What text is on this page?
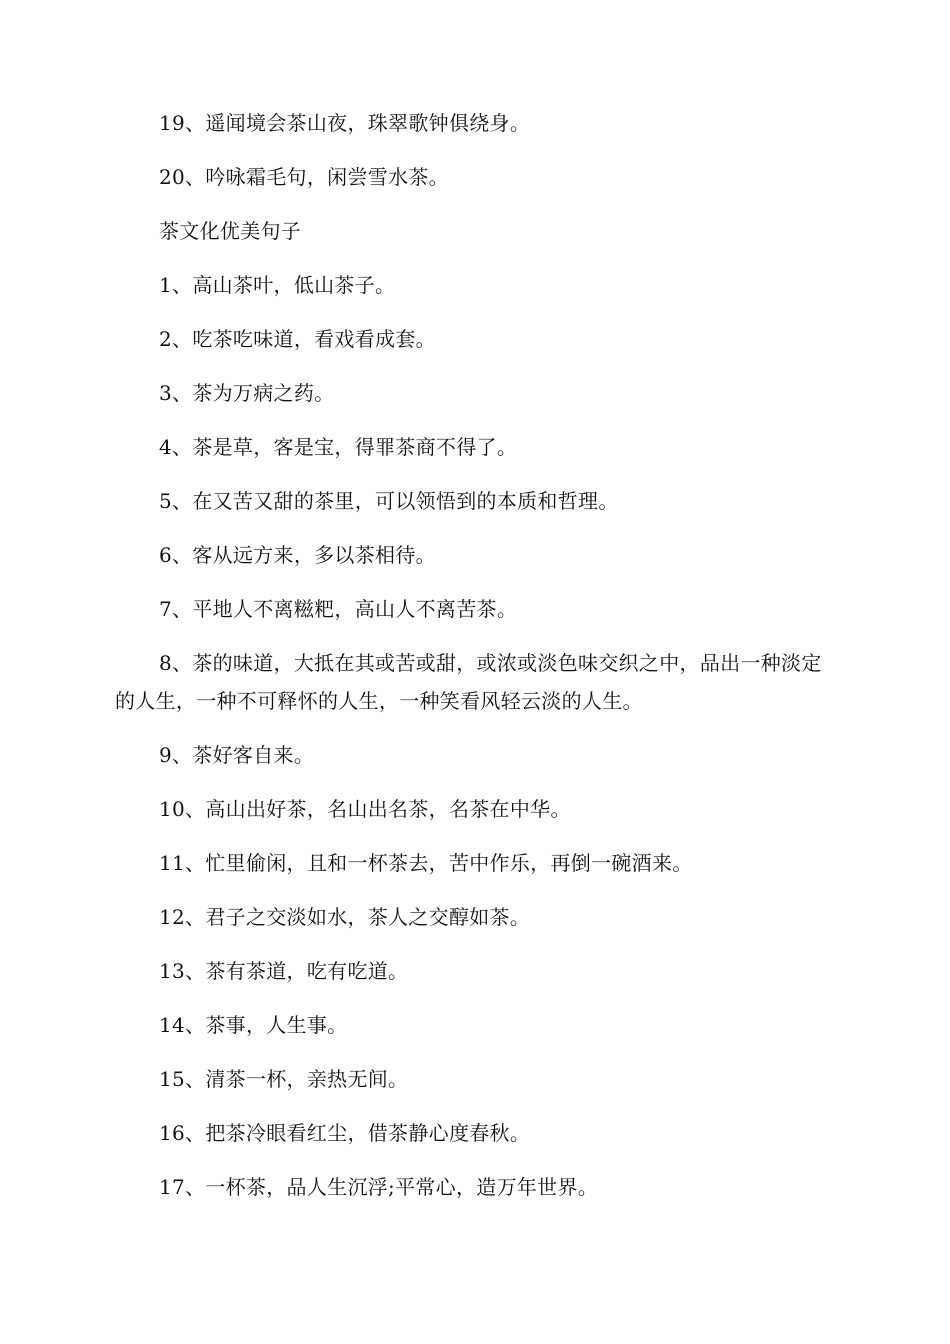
19、遥闻境会茶山夜，珠翠歌钟俱绕身。

20、吟咏霜毛句，闲尝雪水茶。

茶文化优美句子

1、高山茶叶，低山茶子。

2、吃茶吃味道，看戏看成套。

3、茶为万病之药。

4、茶是草，客是宝，得罪茶商不得了。

5、在又苦又甜的茶里，可以领悟到的本质和哲理。

6、客从远方来，多以茶相待。

7、平地人不离糍粑，高山人不离苦茶。

8、茶的味道，大抵在其或苦或甜，或浓或淡色味交织之中，品出一种淡定的人生，一种不可释怀的人生，一种笑看风轻云淡的人生。

9、茶好客自来。

10、高山出好茶，名山出名茶，名茶在中华。

11、忙里偷闲，且和一杯茶去，苦中作乐，再倒一碗酒来。

12、君子之交淡如水，茶人之交醇如茶。

13、茶有茶道，吃有吃道。

14、茶事，人生事。

15、清茶一杯，亲热无间。

16、把茶冷眼看红尘，借茶静心度春秋。

17、一杯茶，品人生沉浮;平常心，造万年世界。
